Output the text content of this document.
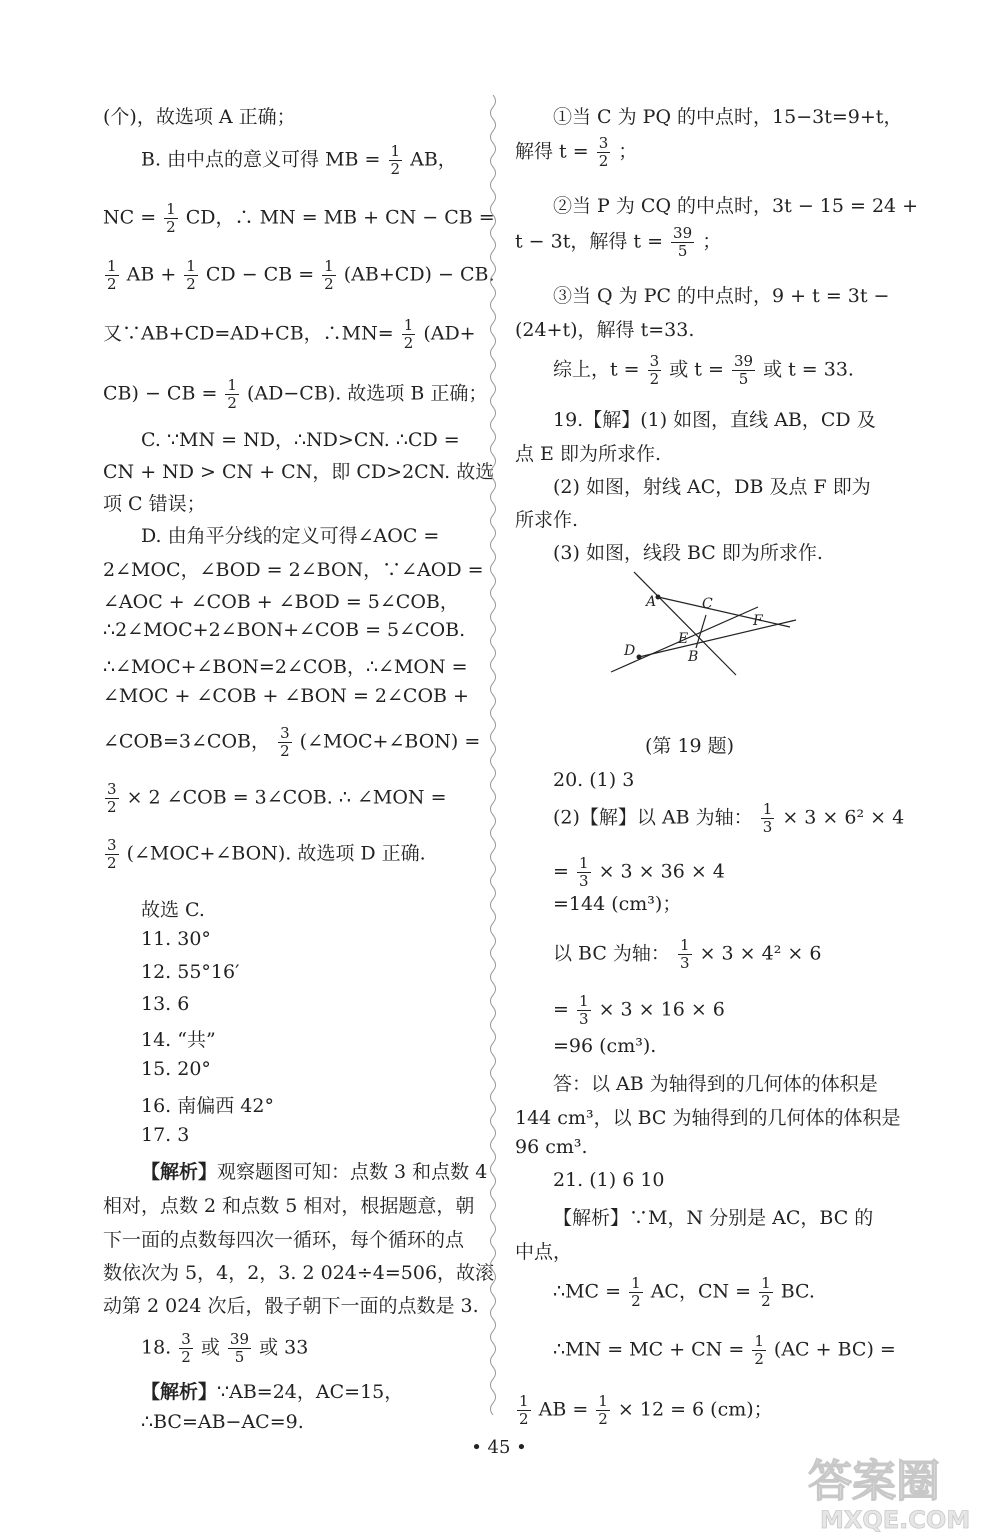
(个)，故选项 A 正确；
B. 由中点的意义可得 MB = $\frac{1}{2}$ AB，
NC = $\frac{1}{2}$ CD，∴ MN = MB + CN − CB =
$\frac{1}{2}$ AB + $\frac{1}{2}$ CD − CB = $\frac{1}{2} (AB+CD)$ − CB.
又∵AB+CD=AD+CB，∴MN= $\frac{1}{2} (AD+$
CB) − CB = $\frac{1}{2} (AD-CB)$. 故选项 B 正确；
C. ∵MN = ND，∴ND>CN. ∴CD =
CN + ND > CN + CN，即 CD>2CN. 故选
项 C 错误；
D. 由角平分线的定义可得∠AOC =
2∠MOC，∠BOD = 2∠BON，∵∠AOD =
∠AOC + ∠COB + ∠BOD = 5∠COB，
∴2∠MOC+2∠BON+∠COB = 5∠COB.
∴∠MOC+∠BON=2∠COB，∴∠MON =
∠MOC + ∠COB + ∠BON = 2∠COB +
∠COB=3∠COB， $\frac{3}{2}$ (∠MOC+∠BON) =
$\frac{3}{2} \times 2$ ∠COB = 3∠COB. ∴ ∠MON =
$\frac{3}{2}$ (∠MOC+∠BON). 故选项 D 正确.
故选 C.
11. 30°
12. 55°16′
13. 6
14. “共”
15. 20°
16. 南偏西 42°
17. 3
【解析】观察题图可知：点数 3 和点数 4
相对，点数 2 和点数 5 相对，根据题意，朝
下一面的点数每四次一循环，每个循环的点
数依次为 5，4，2，3. 2 024÷4=506，故滚
动第 2 024 次后，骰子朝下一面的点数是 3.
18. $\frac{3}{2}$ 或 $\frac{39}{5}$ 或 33
【解析】∵AB=24，AC=15，
∴BC=AB−AC=9.
①当 C 为 PQ 的中点时，15−3t=9+t，
解得 $t = \frac{3}{2}$ ；
②当 P 为 CQ 的中点时，3t − 15 = 24 +
t − 3t，解得 $t = \frac{39}{5}$ ；
③当 Q 为 PC 的中点时，9 + t = 3t −
(24+t)，解得 t=33.
综上，$t = \frac{3}{2}$ 或 $t = \frac{39}{5}$ 或 t = 33.
19.【解】(1) 如图，直线 AB，CD 及
点 E 即为所求作.
(2) 如图，射线 AC，DB 及点 F 即为
所求作.
(3) 如图，线段 BC 即为所求作.
(第 19 题)
20. (1) 3
(2)【解】以 AB 为轴： $\frac{1}{3} \times 3 \times 6^2 \times 4$
= $\frac{1}{3} \times 3 \times 36 \times 4$
=144 (cm³)；
以 BC 为轴： $\frac{1}{3} \times 3 \times 4^2 \times 6$
= $\frac{1}{3} \times 3 \times 16 \times 6$
=96 (cm³).
答：以 AB 为轴得到的几何体的体积是
144 cm³，以 BC 为轴得到的几何体的体积是
96 cm³.
21. (1) 6 10
【解析】∵M，N 分别是 AC，BC 的
中点，
∴MC = $\frac{1}{2}$ AC，CN = $\frac{1}{2}$ BC.
∴MN = MC + CN = $\frac{1}{2} (AC + BC)$ =
$\frac{1}{2}$ AB = $\frac{1}{2} \times 12 = 6$ (cm)；
A	C
F
E
D	B
• 45 •
答案圈
MXQE.COM
